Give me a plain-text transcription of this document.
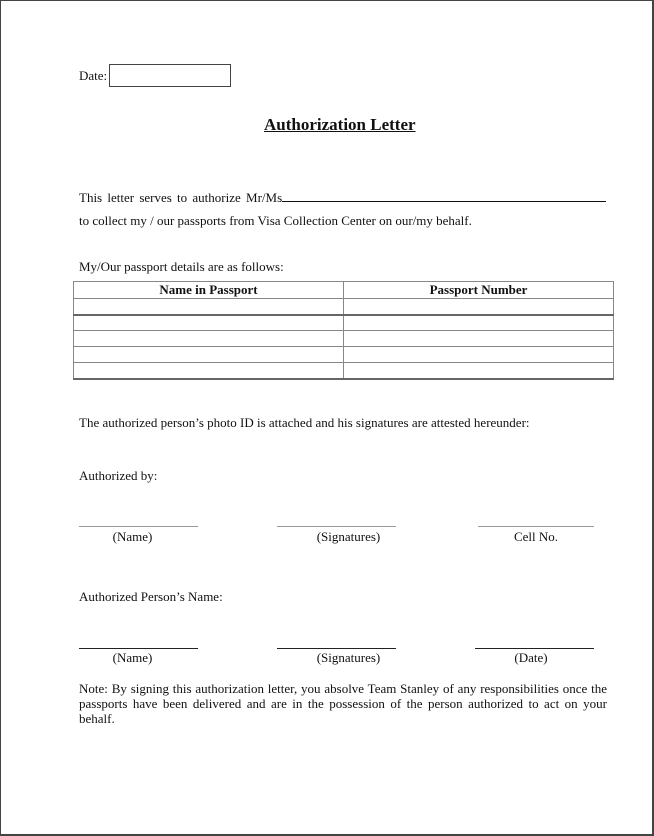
Date:
Authorization Letter
This letter serves to authorize Mr/Ms
to collect my / our passports from Visa Collection Center on our/my behalf.
My/Our passport details are as follows:
Name in Passport	Passport Number

The authorized person’s photo ID is attached and his signatures are attested hereunder:
Authorized by:
(Name)	(Signatures)	Cell No.
Authorized Person’s Name:
(Name)	(Signatures)	(Date)
Note: By signing this authorization letter, you absolve Team Stanley of any responsibilities once the passports have been delivered and are in the possession of the person authorized to act on your behalf.
